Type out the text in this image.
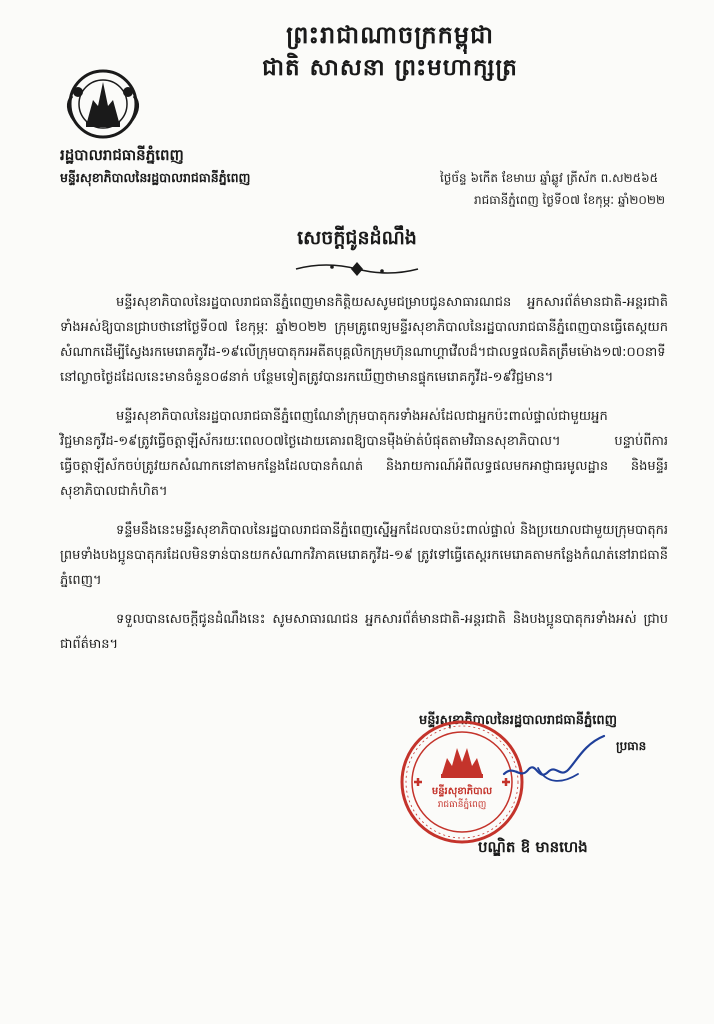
ព្រះរាជាណាចក្រកម្ពុជា
ជាតិ សាសនា ព្រះមហាក្សត្រ
រដ្ឋបាលរាជធានីភ្នំពេញ
មន្ទីរសុខាភិបាលនៃរដ្ឋបាលរាជធានីភ្នំពេញ	ថ្ងៃច័ន្ទ ៦កើត ខែមាឃ ឆ្នាំឆ្លូវ ត្រីស័ក ព.ស២៥៦៥
រាជធានីភ្នំពេញ ថ្ងៃទី០៧ ខែកុម្ភៈ ឆ្នាំ២០២២
សេចក្តីជូនដំណឹង

មន្ទីរសុខាភិបាលនៃរដ្ឋបាលរាជធានីភ្នំពេញមានកិត្តិយសសូមជម្រាបជូនសាធារណជន អ្នកសារព័ត៌មានជាតិ-អន្តរជាតិទាំងអស់ឱ្យបានជ្រាបថានៅថ្ងៃទី០៧ ខែកុម្ភៈ ឆ្នាំ២០២២ ក្រុមគ្រូពេទ្យមន្ទីរសុខាភិបាលនៃរដ្ឋបាលរាជធានីភ្នំពេញបានធ្វើតេស្តយកសំណាកដើម្បីស្វែងរកមេរោគកូវីដ-១៩លើក្រុមបាតុករអតីតបុគ្គលិកក្រុមហ៊ុនណាហ្គាវើលដ៏។ជាលទ្ធផលគិតត្រឹមម៉ោង១៧:០០នាទី នៅល្ងាចថ្ងៃដដែលនេះមានចំនួន០៨នាក់ បន្ថែមទៀតត្រូវបានរកឃើញថាមានផ្ទុកមេរោគកូវីដ-១៩វិជ្ជមាន។

មន្ទីរសុខាភិបាលនៃរដ្ឋបាលរាជធានីភ្នំពេញណែនាំក្រុមបាតុករទាំងអស់ដែលជាអ្នកប៉ះពាល់ផ្ទាល់ជាមួយអ្នកវិជ្ជមានកូវីដ-១៩ត្រូវធ្វើចត្តាឡីស័ករយៈពេល០៧ថ្ងៃដោយគោរពឱ្យបានម៉ឺងម៉ាត់បំផុតតាមវិធានសុខាភិបាល។ បន្ទាប់ពីការធ្វើចត្តាឡីស័កចប់ត្រូវយកសំណាកនៅតាមកន្លែងដែលបានកំណត់ និងរាយការណ៍អំពីលទ្ធផលមកអាជ្ញាធរមូលដ្ឋាន និងមន្ទីរសុខាភិបាលជាកំហិត។

ទន្ទឹមនឹងនេះមន្ទីរសុខាភិបាលនៃរដ្ឋបាលរាជធានីភ្នំពេញស្នើអ្នកដែលបានប៉ះពាល់ផ្ទាល់ និងប្រយោលជាមួយក្រុមបាតុករព្រមទាំងបងប្អូនបាតុករដែលមិនទាន់បានយកសំណាកវិភាគមេរោគកូវីដ-១៩ ត្រូវទៅធ្វើតេស្តរកមេរោគតាមកន្លែងកំណត់នៅរាជធានីភ្នំពេញ។

ទទួលបានសេចក្តីជូនដំណឹងនេះ សូមសាធារណជន អ្នកសារព័ត៌មានជាតិ-អន្តរជាតិ និងបងប្អូនបាតុករទាំងអស់ ជ្រាបជាព័ត៌មាន។

មន្ទីរសុខាភិបាលនៃរដ្ឋបាលរាជធានីភ្នំពេញ
ប្រធាន
មន្ទីរសុខាភិបាល
រាជធានីភ្នំពេញ
បណ្ឌិត ឱ មានហេង
